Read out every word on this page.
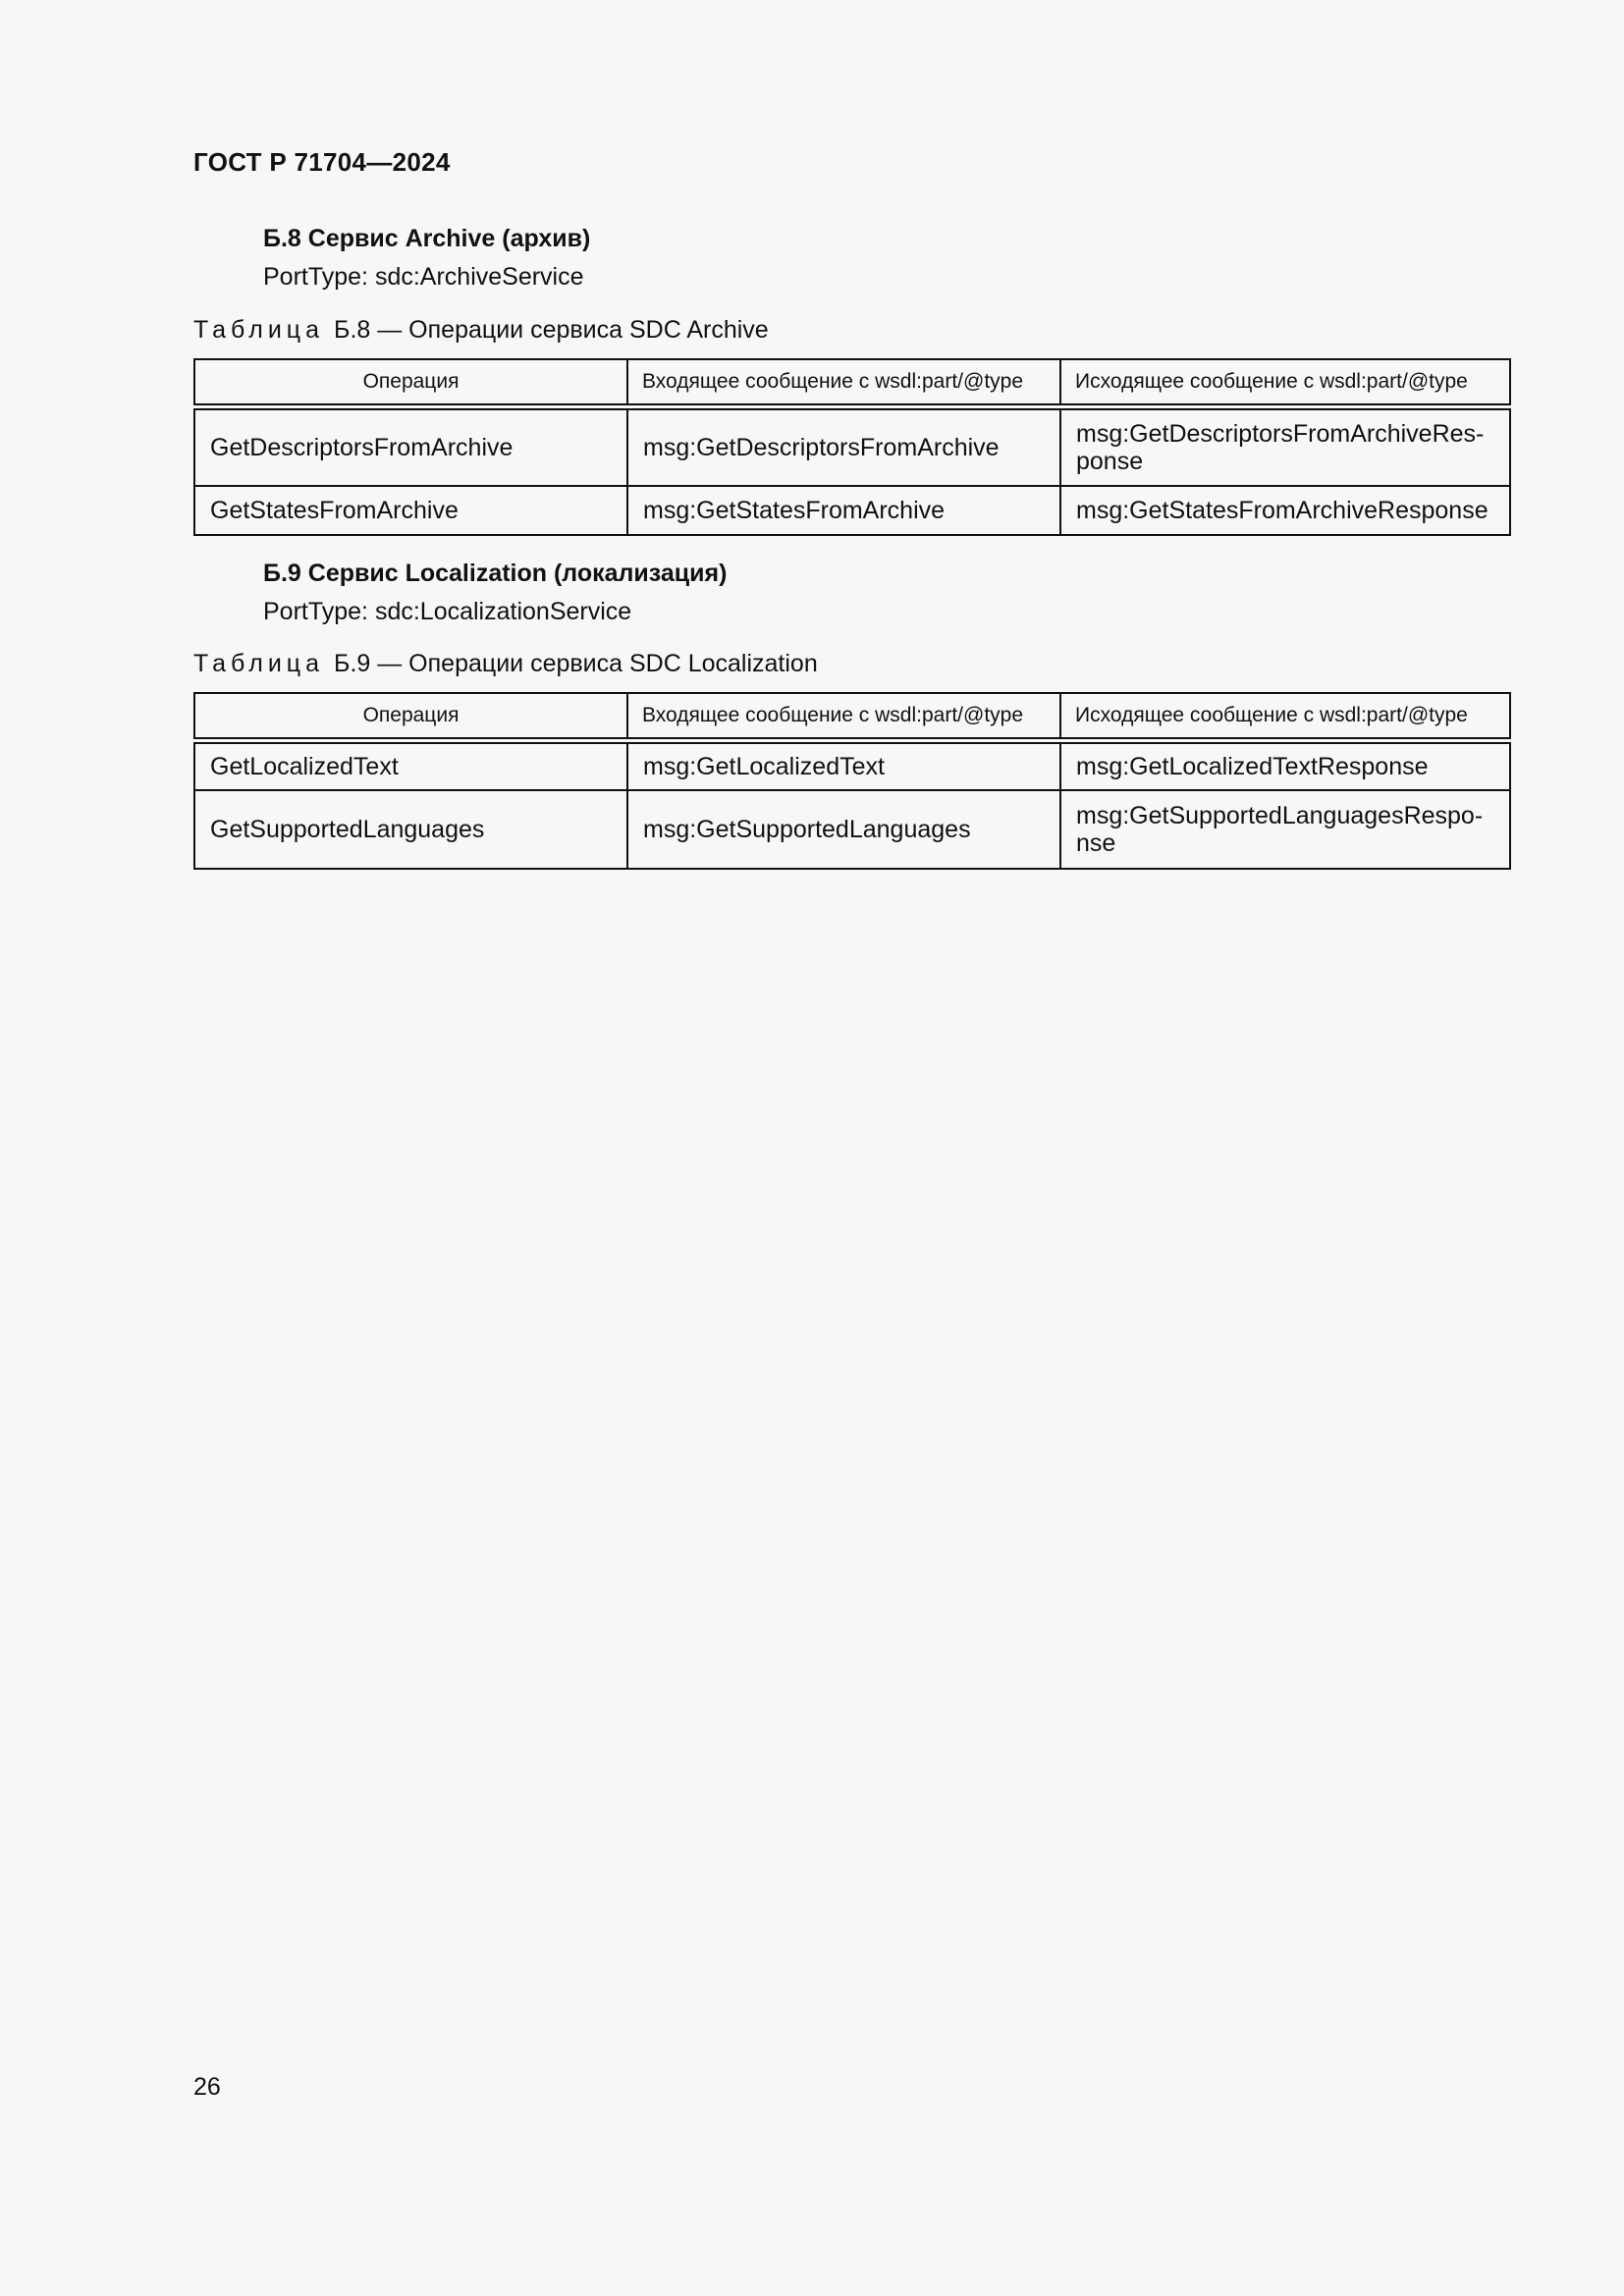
ГОСТ Р 71704—2024
Б.8 Сервис Archive (архив)
PortType: sdc:ArchiveService
Таблица Б.8 — Операции сервиса SDC Archive
Операция	Входящее сообщение с wsdl:part/@type	Исходящее сообщение с wsdl:part/@type
GetDescriptorsFromArchive	msg:GetDescriptorsFromArchive	msg:GetDescriptorsFromArchiveRes-ponse
GetStatesFromArchive	msg:GetStatesFromArchive	msg:GetStatesFromArchiveResponse
Б.9 Сервис Localization (локализация)
PortType: sdc:LocalizationService
Таблица Б.9 — Операции сервиса SDC Localization
Операция	Входящее сообщение с wsdl:part/@type	Исходящее сообщение с wsdl:part/@type
GetLocalizedText	msg:GetLocalizedText	msg:GetLocalizedTextResponse
GetSupportedLanguages	msg:GetSupportedLanguages	msg:GetSupportedLanguagesRespo-nse
26
